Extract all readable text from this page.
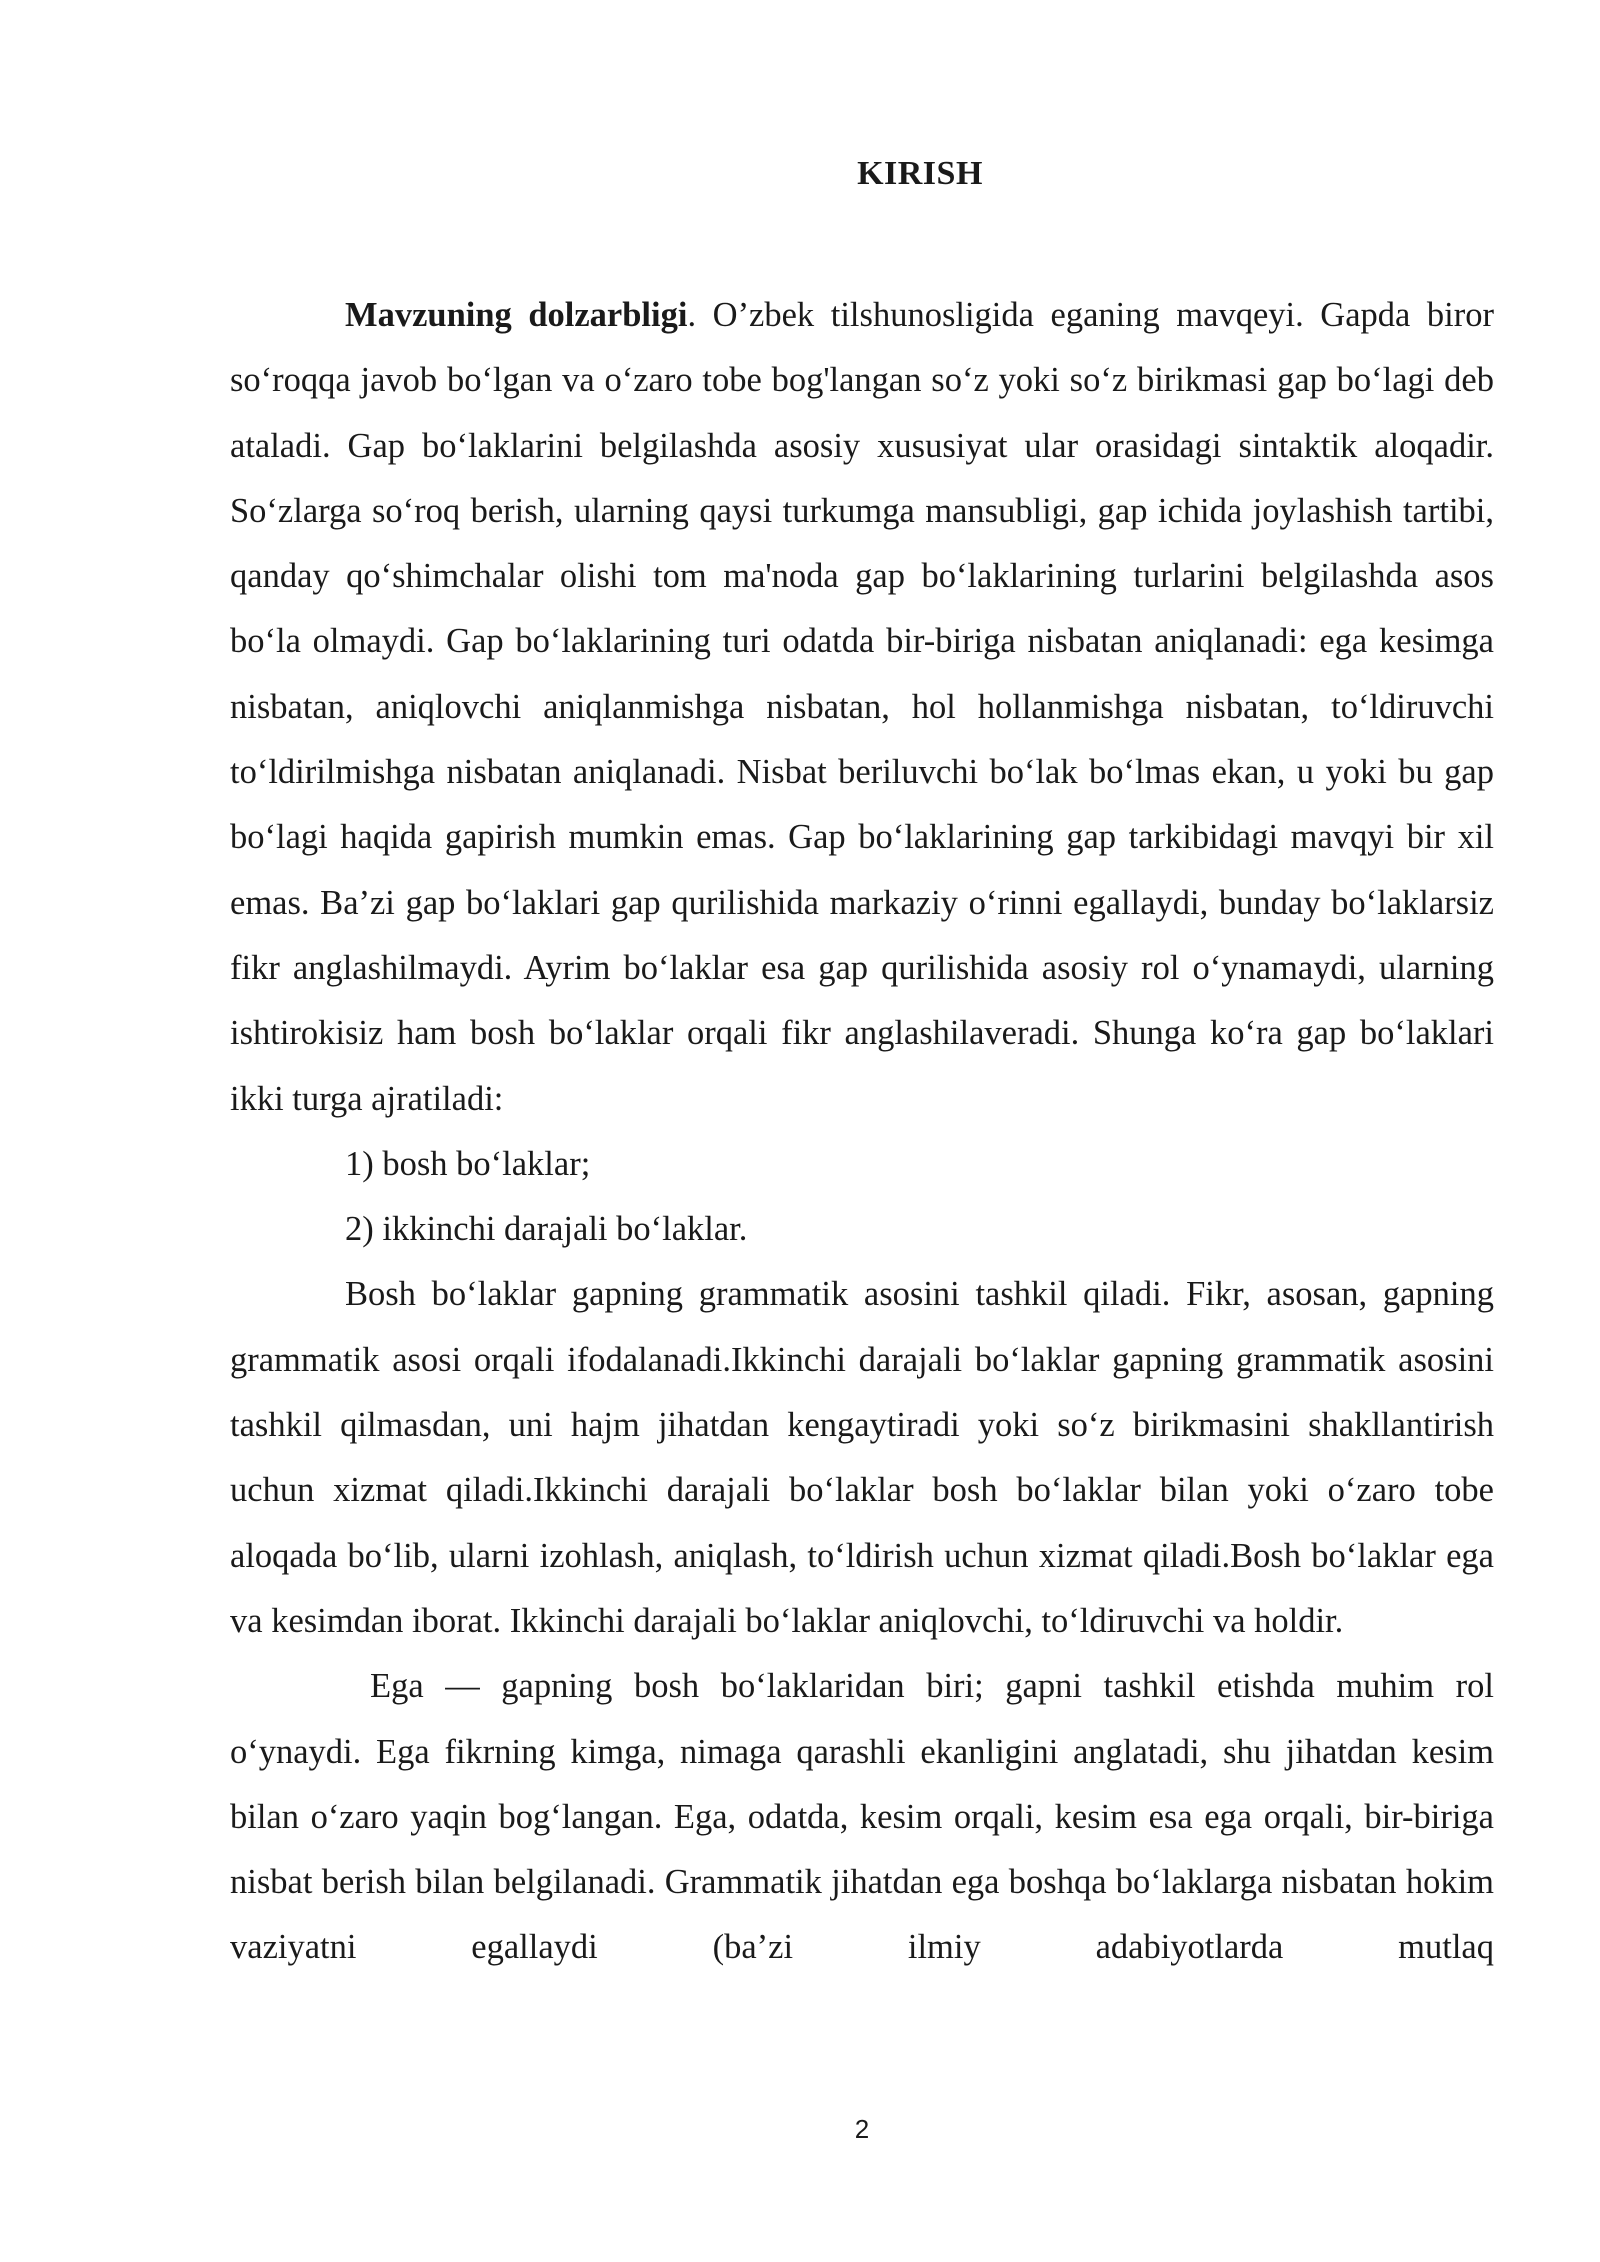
KIRISH

Mavzuning dolzarbligi. O’zbek tilshunosligida eganing mavqeyi. Gapda biror so‘roqqa javob bo‘lgan va o‘zaro tobe bog'langan so‘z yoki so‘z birikmasi gap bo‘lagi deb ataladi. Gap bo‘laklarini belgilashda asosiy xususiyat ular orasidagi sintaktik aloqadir. So‘zlarga so‘roq berish, ularning qaysi turkumga mansubligi, gap ichida joylashish tartibi, qanday qo‘shimchalar olishi tom ma'noda gap bo‘laklarining turlarini belgilashda asos bo‘la olmaydi. Gap bo‘laklarining turi odatda bir-biriga nisbatan aniqlanadi: ega kesimga nisbatan, aniqlovchi aniqlanmishga nisbatan, hol hollanmishga nisbatan, to‘ldiruvchi to‘ldirilmishga nisbatan aniqlanadi. Nisbat beriluvchi bo‘lak bo‘lmas ekan, u yoki bu gap bo‘lagi haqida gapirish mumkin emas. Gap bo‘laklarining gap tarkibidagi mavqyi bir xil emas. Ba’zi gap bo‘laklari gap qurilishida markaziy o‘rinni egallaydi, bunday bo‘laklarsiz fikr anglashilmaydi. Ayrim bo‘laklar esa gap qurilishida asosiy rol o‘ynamaydi, ularning ishtirokisiz ham bosh bo‘laklar orqali fikr anglashilaveradi. Shunga ko‘ra gap bo‘laklari ikki turga ajratiladi:

1) bosh bo‘laklar;

2) ikkinchi darajali bo‘laklar.

Bosh bo‘laklar gapning grammatik asosini tashkil qiladi. Fikr, asosan, gapning grammatik asosi orqali ifodalanadi.Ikkinchi darajali bo‘laklar gapning grammatik asosini tashkil qilmasdan, uni hajm jihatdan kengaytiradi yoki so‘z birikmasini shakllantirish uchun xizmat qiladi.Ikkinchi darajali bo‘laklar bosh bo‘laklar bilan yoki o‘zaro tobe aloqada bo‘lib, ularni izohlash, aniqlash, to‘ldirish uchun xizmat qiladi.Bosh bo‘laklar ega va kesimdan iborat. Ikkinchi darajali bo‘laklar aniqlovchi, to‘ldiruvchi va holdir.

Ega — gapning bosh bo‘laklaridan biri; gapni tashkil etishda muhim rol o‘ynaydi. Ega fikrning kimga, nimaga qarashli ekanligini anglatadi, shu jihatdan kesim bilan o‘zaro yaqin bog‘langan. Ega, odatda, kesim orqali, kesim esa ega orqali, bir-biriga nisbat berish bilan belgilanadi. Grammatik jihatdan ega boshqa bo‘laklarga nisbatan hokim vaziyatni egallaydi (ba’zi ilmiy adabiyotlarda mutlaq

2
